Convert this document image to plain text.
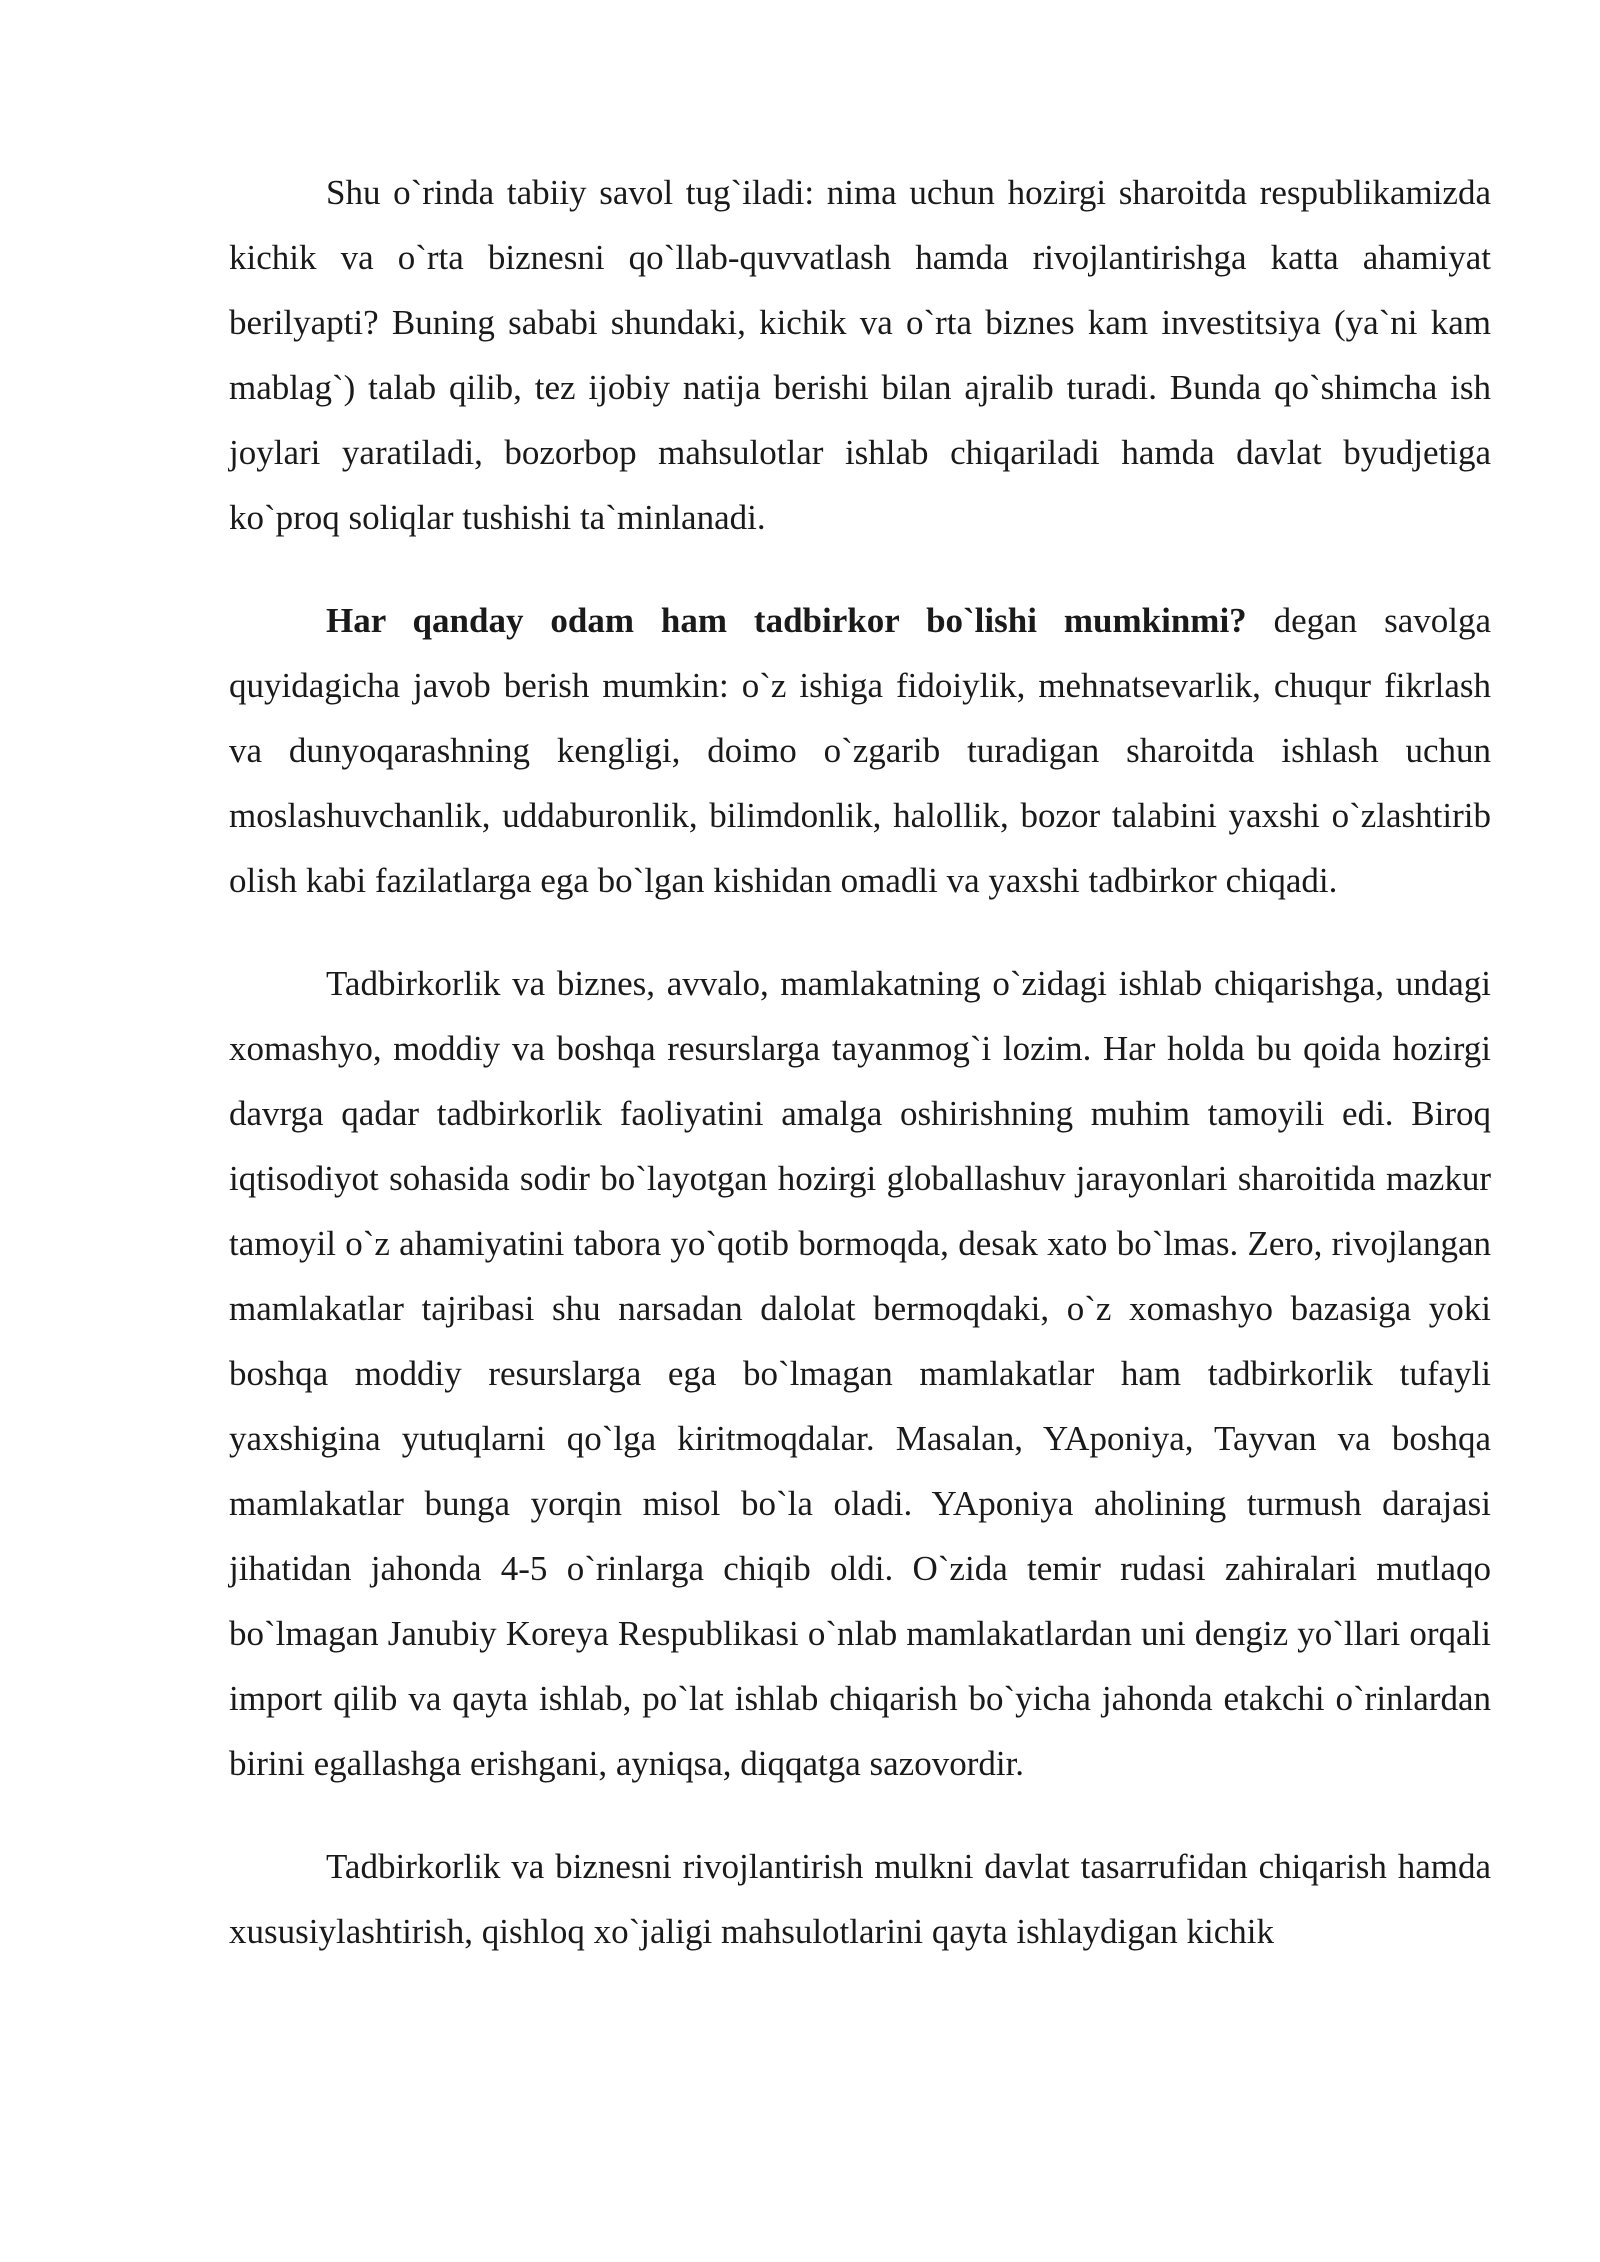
Shu o`rinda tabiiy savol tug`iladi: nima uchun hozirgi sharoitda respublikamizda kichik va o`rta biznesni qo`llab-quvvatlash hamda rivojlantirishga katta ahamiyat berilyapti? Buning sababi shundaki, kichik va o`rta biznes kam investitsiya (ya`ni kam mablag`) talab qilib, tez ijobiy natija berishi bilan ajralib turadi. Bunda qo`shimcha ish joylari yaratiladi, bozorbop mahsulotlar ishlab chiqariladi hamda davlat byudjetiga ko`proq soliqlar tushishi ta`minlanadi.

Har qanday odam ham tadbirkor bo`lishi mumkinmi? degan savolga quyidagicha javob berish mumkin: o`z ishiga fidoiylik, mehnatsevarlik, chuqur fikrlash va dunyoqarashning kengligi, doimo o`zgarib turadigan sharoitda ishlash uchun moslashuvchanlik, uddaburonlik, bilimdonlik, halollik, bozor talabini yaxshi o`zlashtirib olish kabi fazilatlarga ega bo`lgan kishidan omadli va yaxshi tadbirkor chiqadi.

Tadbirkorlik va biznes, avvalo, mamlakatning o`zidagi ishlab chiqarishga, undagi xomashyo, moddiy va boshqa resurslarga tayanmog`i lozim. Har holda bu qoida hozirgi davrga qadar tadbirkorlik faoliyatini amalga oshirishning muhim tamoyili edi. Biroq iqtisodiyot sohasida sodir bo`layotgan hozirgi globallashuv jarayonlari sharoitida mazkur tamoyil o`z ahamiyatini tabora yo`qotib bormoqda, desak xato bo`lmas. Zero, rivojlangan mamlakatlar tajribasi shu narsadan dalolat bermoqdaki, o`z xomashyo bazasiga yoki boshqa moddiy resurslarga ega bo`lmagan mamlakatlar ham tadbirkorlik tufayli yaxshigina yutuqlarni qo`lga kiritmoqdalar. Masalan, YAponiya, Tayvan va boshqa mamlakatlar bunga yorqin misol bo`la oladi. YAponiya aholining turmush darajasi jihatidan jahonda 4-5 o`rinlarga chiqib oldi. O`zida temir rudasi zahiralari mutlaqo bo`lmagan Janubiy Koreya Respublikasi o`nlab mamlakatlardan uni dengiz yo`llari orqali import qilib va qayta ishlab, po`lat ishlab chiqarish bo`yicha jahonda etakchi o`rinlardan birini egallashga erishgani, ayniqsa, diqqatga sazovordir.

Tadbirkorlik va biznesni rivojlantirish mulkni davlat tasarrufidan chiqarish hamda xususiylashtirish, qishloq xo`jaligi mahsulotlarini qayta ishlaydigan kichik
